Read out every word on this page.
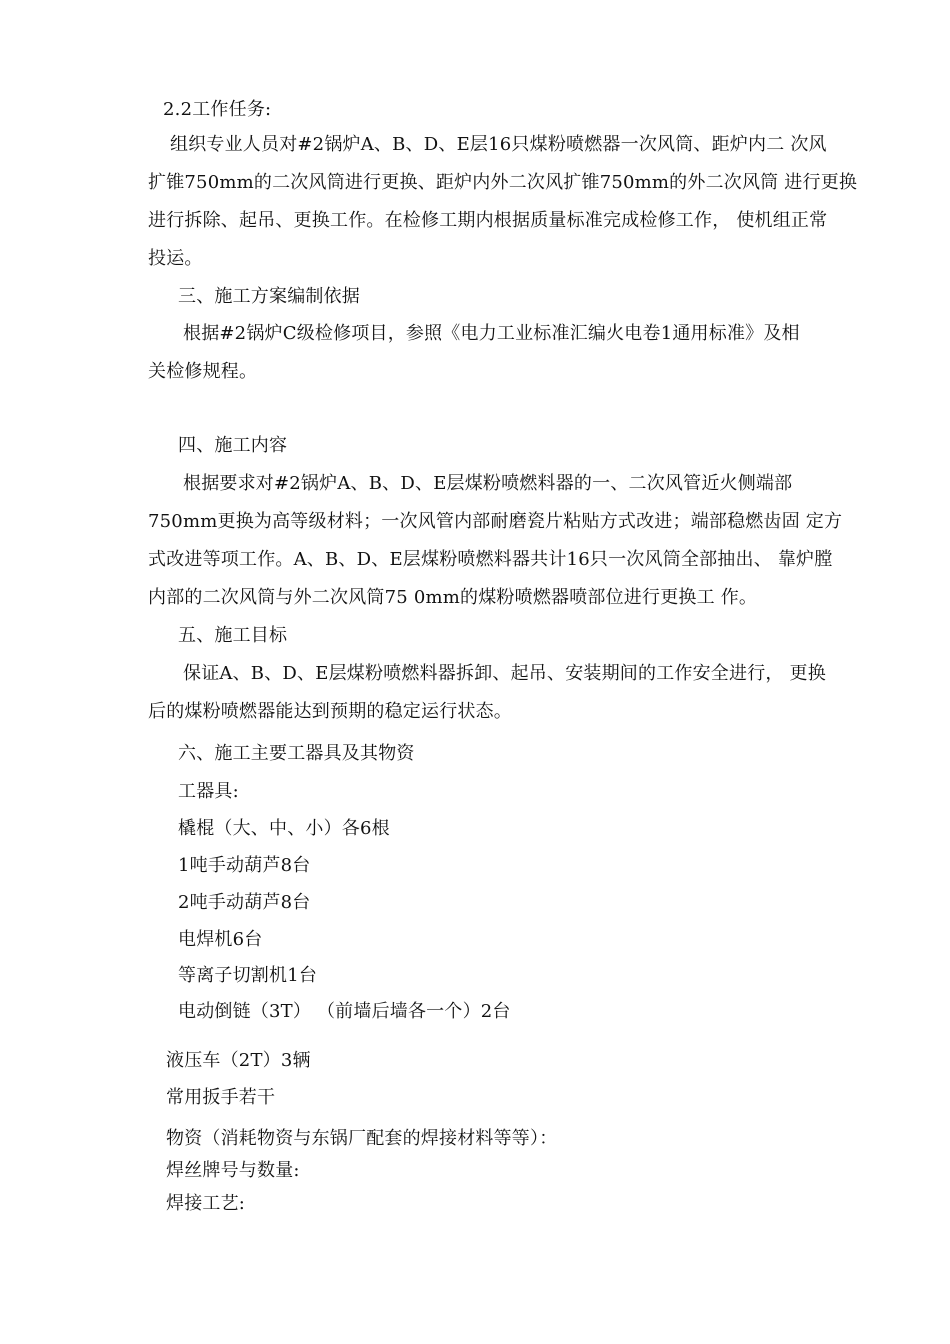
2.2工作任务:
组织专业人员对#2锅炉A、B、D、E层16只煤粉喷燃器一次风筒、距炉内二 次风
扩锥750mm的二次风筒进行更换、距炉内外二次风扩锥750mm的外二次风筒 进行更换
进行拆除、起吊、更换工作。在检修工期内根据质量标准完成检修工作， 使机组正常
投运。
三、施工方案编制依据
根据#2锅炉C级检修项目，参照《电力工业标准汇编火电卷1通用标准》及相
关检修规程。
四、施工内容
根据要求对#2锅炉A、B、D、E层煤粉喷燃料器的一、二次风管近火侧端部
750mm更换为高等级材料；一次风管内部耐磨瓷片粘贴方式改进；端部稳燃齿固 定方
式改进等项工作。A、B、D、E层煤粉喷燃料器共计16只一次风筒全部抽出、 靠炉膛
内部的二次风筒与外二次风筒75 0mm的煤粉喷燃器喷部位进行更换工 作。
五、施工目标
保证A、B、D、E层煤粉喷燃料器拆卸、起吊、安装期间的工作安全进行， 更换
后的煤粉喷燃器能达到预期的稳定运行状态。
六、施工主要工器具及其物资
工器具:
橇棍（大、中、小）各6根
1吨手动葫芦8台
2吨手动葫芦8台
电焊机6台
等离子切割机1台
电动倒链（3T） （前墙后墙各一个）2台
液压车（2T）3辆
常用扳手若干
物资（消耗物资与东锅厂配套的焊接材料等等）：
焊丝牌号与数量:
焊接工艺:
